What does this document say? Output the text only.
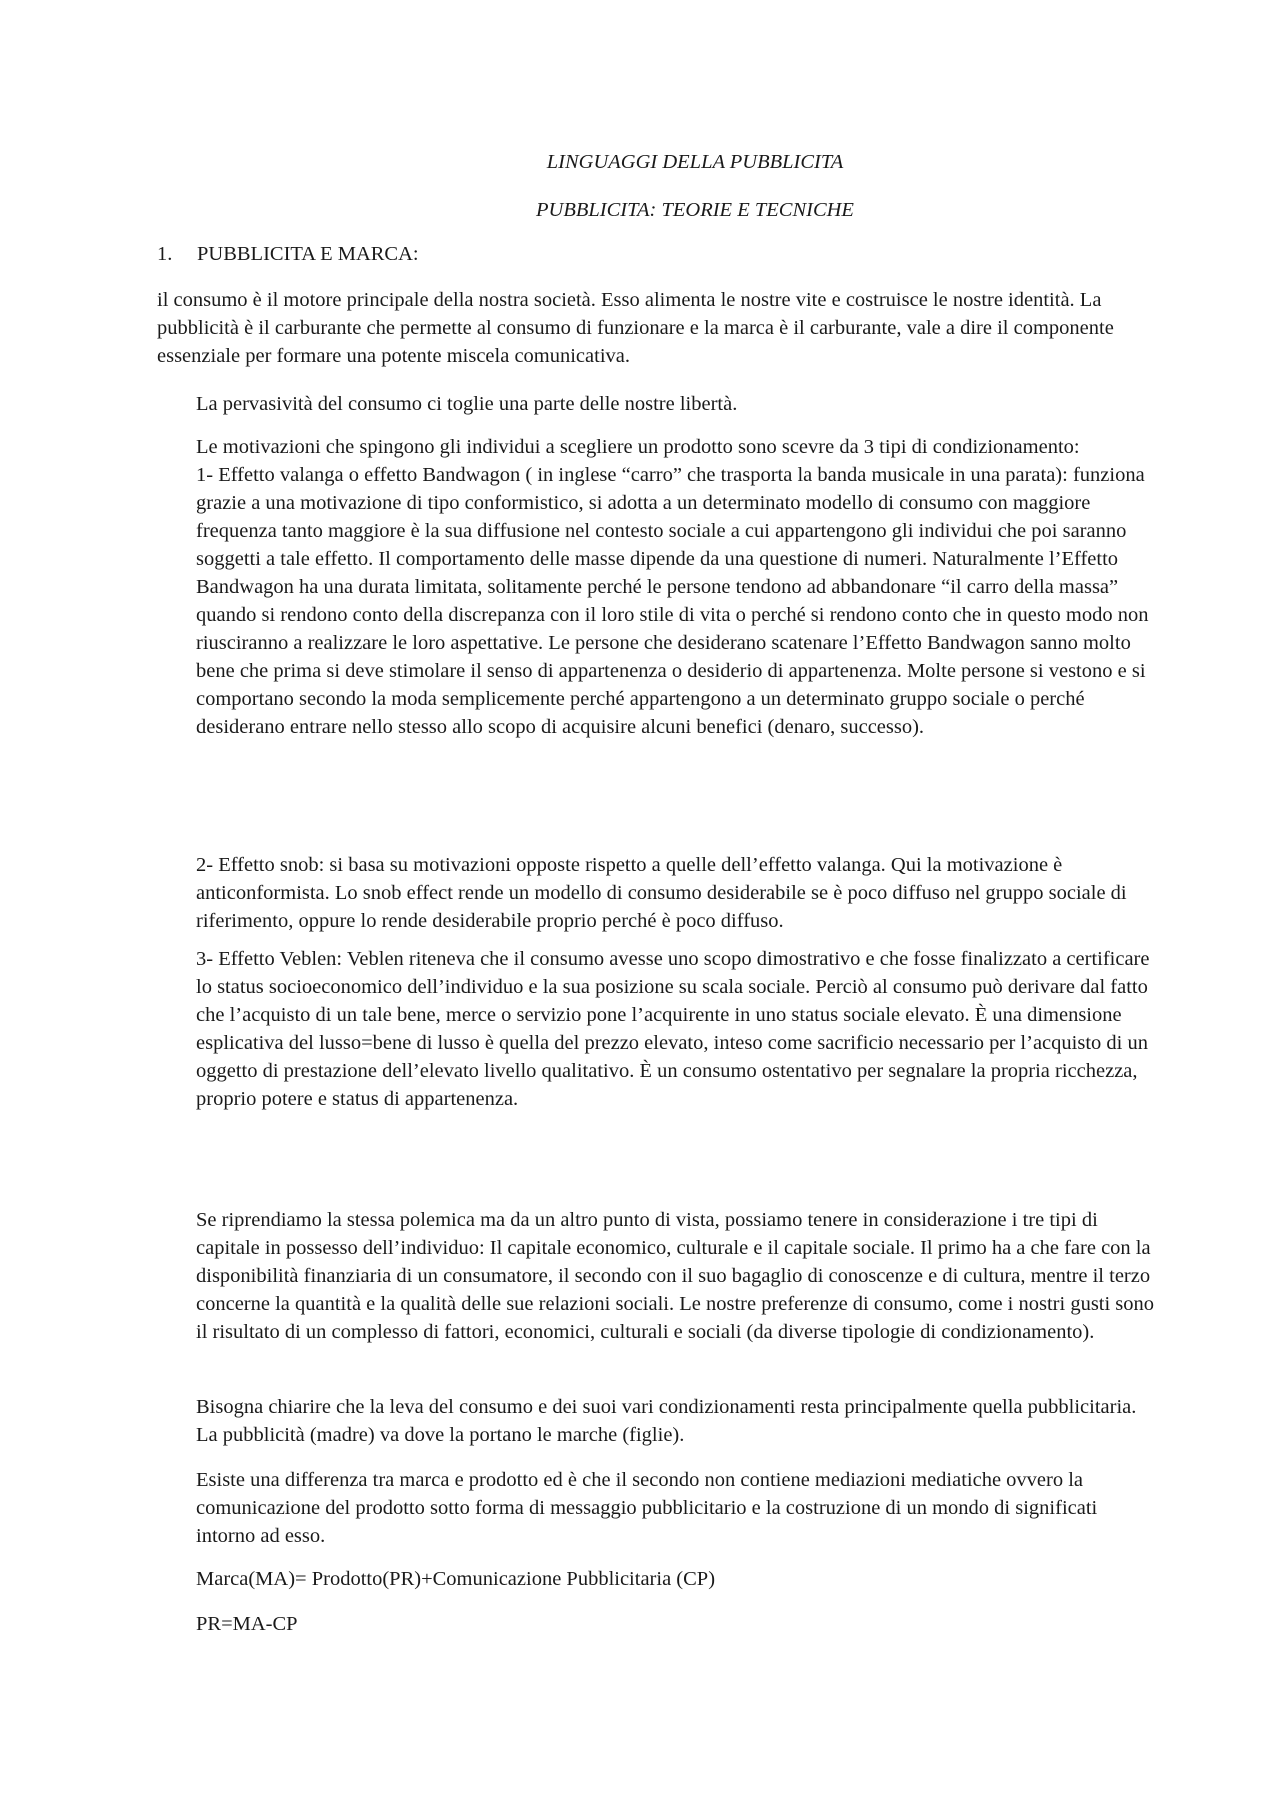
LINGUAGGI DELLA PUBBLICITA

PUBBLICITA: TEORIE E TECNICHE

1. PUBBLICITA E MARCA:

il consumo è il motore principale della nostra società. Esso alimenta le nostre vite e costruisce le nostre identità. La pubblicità è il carburante che permette al consumo di funzionare e la marca è il carburante, vale a dire il componente essenziale per formare una potente miscela comunicativa.

La pervasività del consumo ci toglie una parte delle nostre libertà.

Le motivazioni che spingono gli individui a scegliere un prodotto sono scevre da 3 tipi di condizionamento:
1- Effetto valanga o effetto Bandwagon ( in inglese “carro” che trasporta la banda musicale in una parata): funziona grazie a una motivazione di tipo conformistico, si adotta a un determinato modello di consumo con maggiore frequenza tanto maggiore è la sua diffusione nel contesto sociale a cui appartengono gli individui che poi saranno soggetti a tale effetto. Il comportamento delle masse dipende da una questione di numeri. Naturalmente l’Effetto Bandwagon ha una durata limitata, solitamente perché le persone tendono ad abbandonare “il carro della massa” quando si rendono conto della discrepanza con il loro stile di vita o perché si rendono conto che in questo modo non riusciranno a realizzare le loro aspettative. Le persone che desiderano scatenare l’Effetto Bandwagon sanno molto bene che prima si deve stimolare il senso di appartenenza o desiderio di appartenenza. Molte persone si vestono e si comportano secondo la moda semplicemente perché appartengono a un determinato gruppo sociale o perché desiderano entrare nello stesso allo scopo di acquisire alcuni benefici (denaro, successo).

2- Effetto snob: si basa su motivazioni opposte rispetto a quelle dell’effetto valanga. Qui la motivazione è anticonformista. Lo snob effect rende un modello di consumo desiderabile se è poco diffuso nel gruppo sociale di riferimento, oppure lo rende desiderabile proprio perché è poco diffuso.

3- Effetto Veblen: Veblen riteneva che il consumo avesse uno scopo dimostrativo e che fosse finalizzato a certificare lo status socioeconomico dell’individuo e la sua posizione su scala sociale. Perciò al consumo può derivare dal fatto che l’acquisto di un tale bene, merce o servizio pone l’acquirente in uno status sociale elevato. È una dimensione esplicativa del lusso=bene di lusso è quella del prezzo elevato, inteso come sacrificio necessario per l’acquisto di un oggetto di prestazione dell’elevato livello qualitativo. È un consumo ostentativo per segnalare la propria ricchezza, proprio potere e status di appartenenza.

Se riprendiamo la stessa polemica ma da un altro punto di vista, possiamo tenere in considerazione i tre tipi di capitale in possesso dell’individuo: Il capitale economico, culturale e il capitale sociale. Il primo ha a che fare con la disponibilità finanziaria di un consumatore, il secondo con il suo bagaglio di conoscenze e di cultura, mentre il terzo concerne la quantità e la qualità delle sue relazioni sociali. Le nostre preferenze di consumo, come i nostri gusti sono il risultato di un complesso di fattori, economici, culturali e sociali (da diverse tipologie di condizionamento).

Bisogna chiarire che la leva del consumo e dei suoi vari condizionamenti resta principalmente quella pubblicitaria. La pubblicità (madre) va dove la portano le marche (figlie).

Esiste una differenza tra marca e prodotto ed è che il secondo non contiene mediazioni mediatiche ovvero la comunicazione del prodotto sotto forma di messaggio pubblicitario e la costruzione di un mondo di significati intorno ad esso.

Marca(MA)= Prodotto(PR)+Comunicazione Pubblicitaria (CP)

PR=MA-CP
